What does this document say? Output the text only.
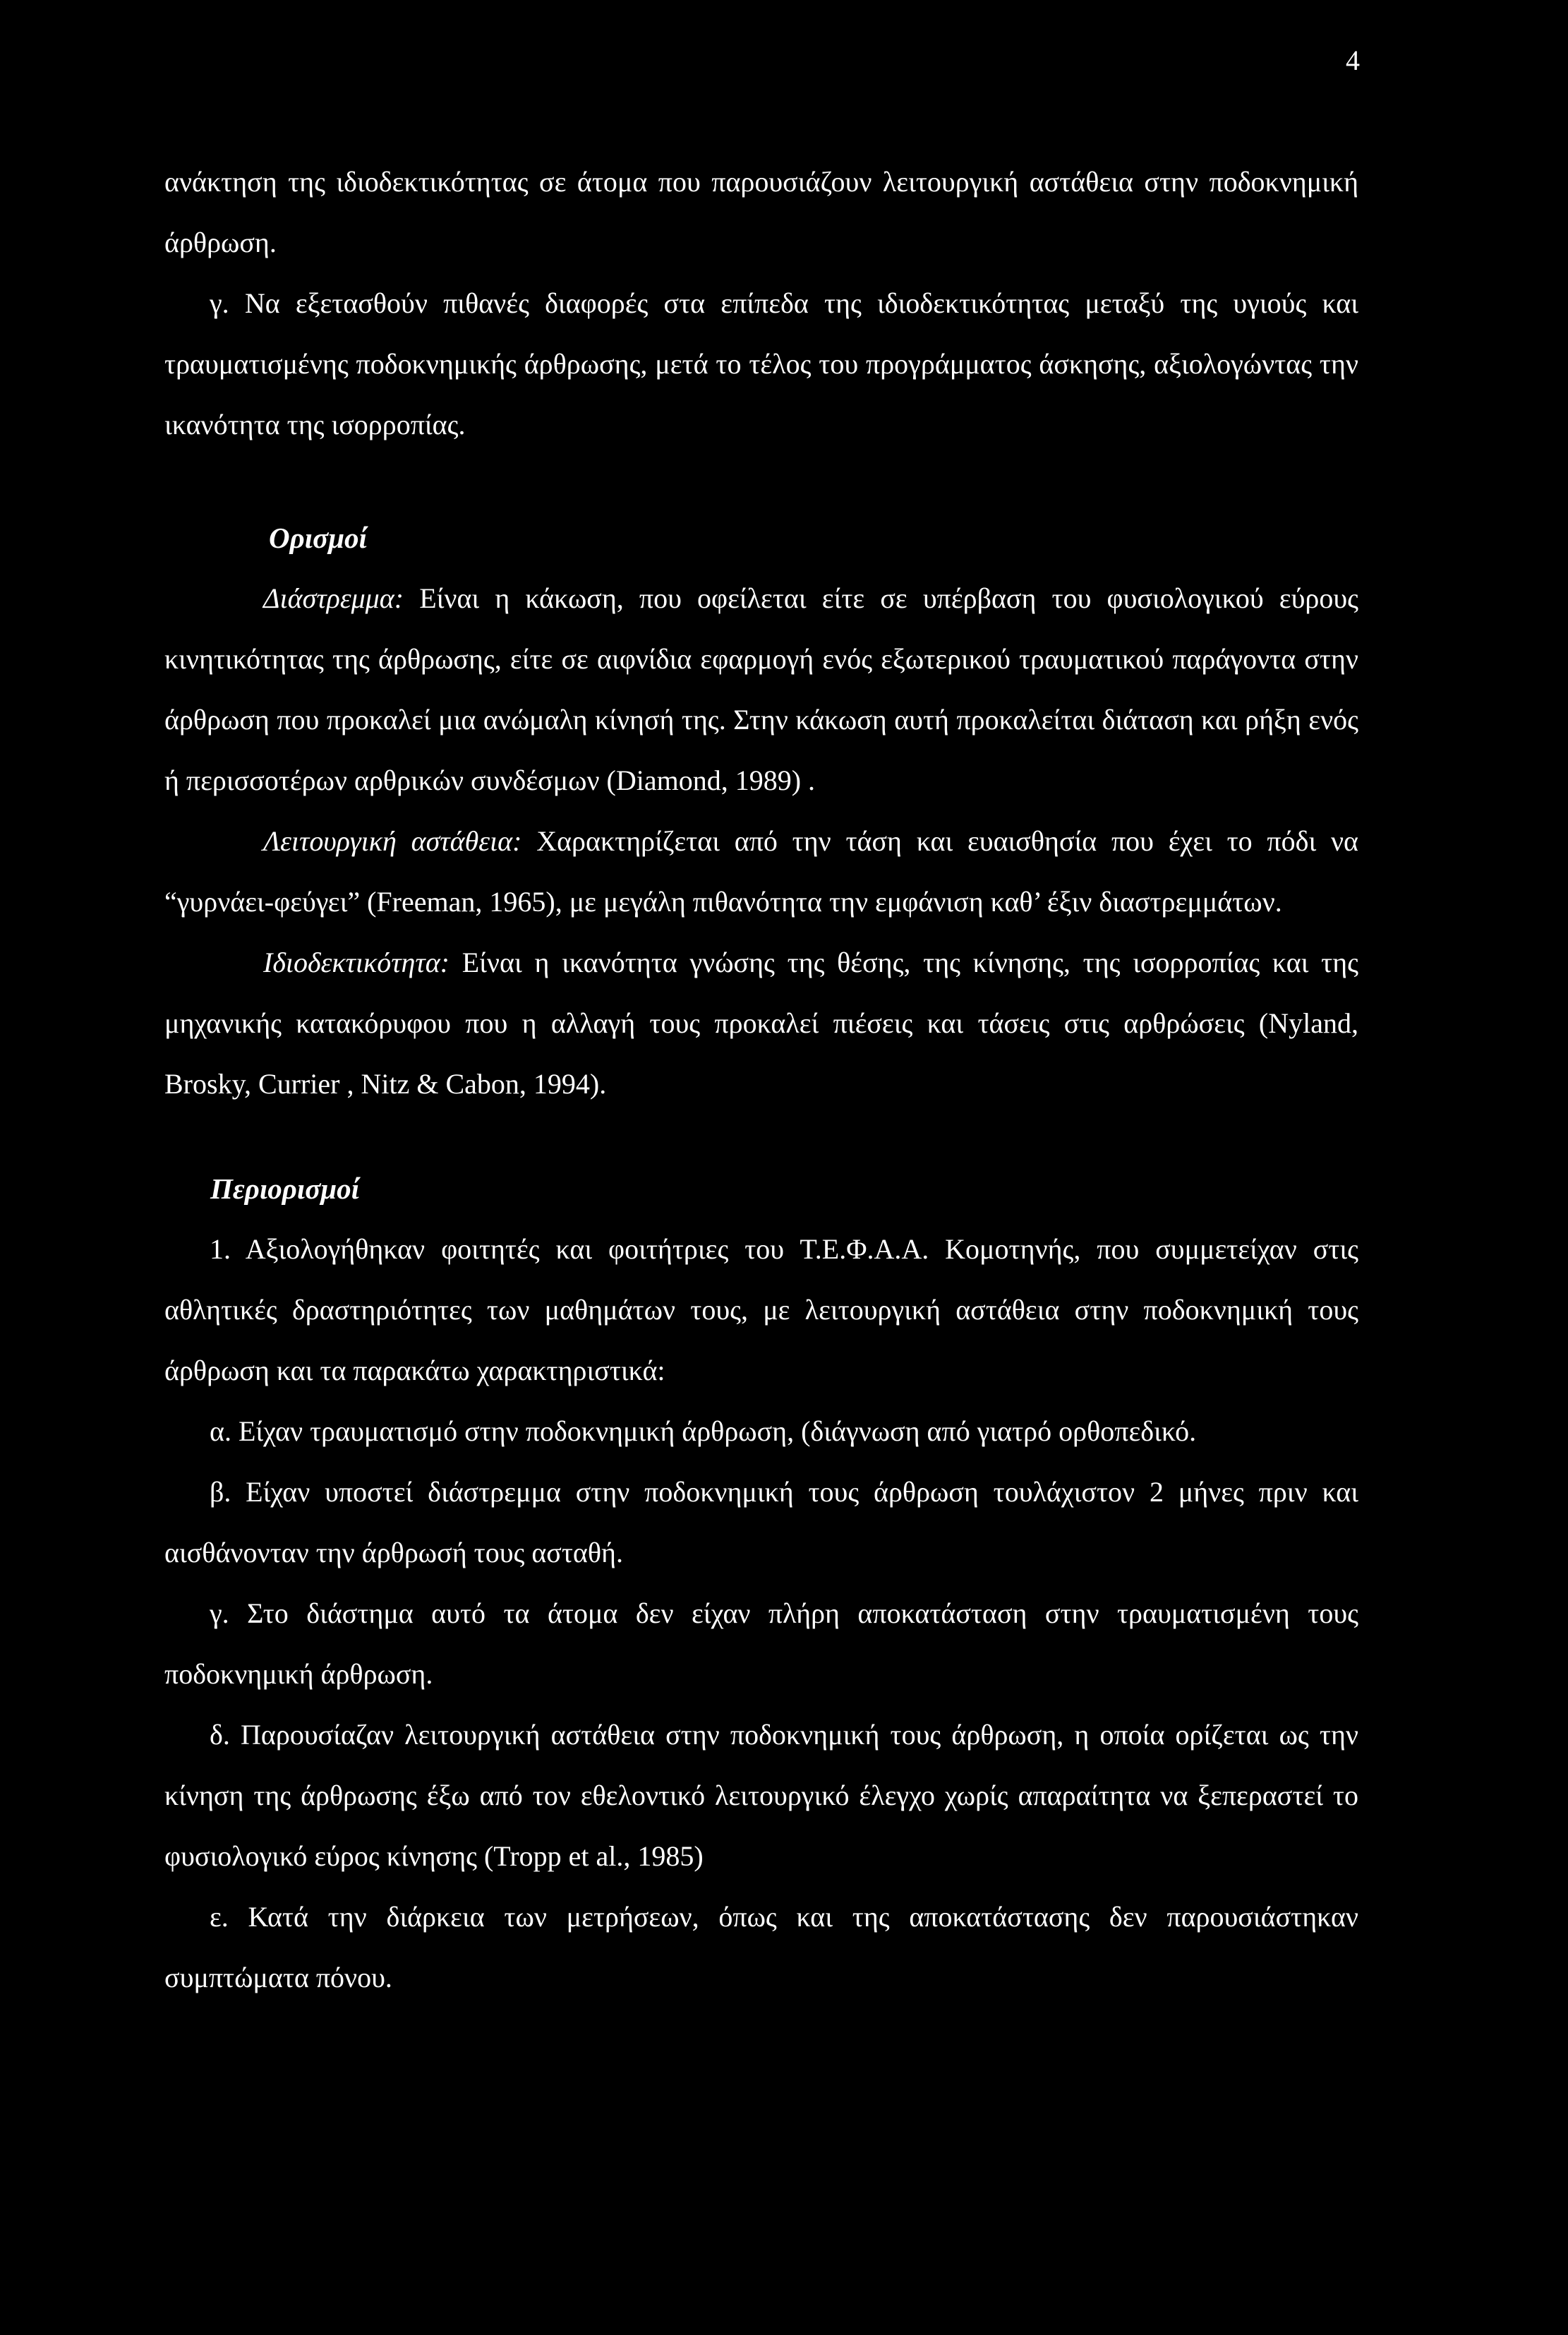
4

ανάκτηση της ιδιοδεκτικότητας σε άτομα που παρουσιάζουν λειτουργική αστάθεια στην ποδοκνημική άρθρωση.

γ. Να εξετασθούν πιθανές διαφορές στα επίπεδα της ιδιοδεκτικότητας μεταξύ της υγιούς και τραυματισμένης ποδοκνημικής άρθρωσης, μετά το τέλος του προγράμματος άσκησης, αξιολογώντας την ικανότητα της ισορροπίας.

Ορισμοί

Διάστρεμμα: Είναι η κάκωση, που οφείλεται είτε σε υπέρβαση του φυσιολογικού εύρους κινητικότητας της άρθρωσης, είτε σε αιφνίδια εφαρμογή ενός εξωτερικού τραυματικού παράγοντα στην άρθρωση που προκαλεί μια ανώμαλη κίνησή της. Στην κάκωση αυτή προκαλείται διάταση και ρήξη ενός ή περισσοτέρων αρθρικών συνδέσμων (Diamond, 1989) .

Λειτουργική αστάθεια: Χαρακτηρίζεται από την τάση και ευαισθησία που έχει το πόδι να “γυρνάει-φεύγει” (Freeman, 1965), με μεγάλη πιθανότητα την εμφάνιση καθ’ έξιν διαστρεμμάτων.

Ιδιοδεκτικότητα: Είναι η ικανότητα γνώσης της θέσης, της κίνησης, της ισορροπίας και της μηχανικής κατακόρυφου που η αλλαγή τους προκαλεί πιέσεις και τάσεις στις αρθρώσεις (Nyland, Brosky, Currier , Nitz & Cabon, 1994).

Περιορισμοί

1. Αξιολογήθηκαν φοιτητές και φοιτήτριες του Τ.Ε.Φ.Α.Α. Κομοτηνής, που συμμετείχαν στις αθλητικές δραστηριότητες των μαθημάτων τους, με λειτουργική αστάθεια στην ποδοκνημική τους άρθρωση και τα παρακάτω χαρακτηριστικά:

α. Είχαν τραυματισμό στην ποδοκνημική άρθρωση, (διάγνωση από γιατρό ορθοπεδικό.

β. Είχαν υποστεί διάστρεμμα στην ποδοκνημική τους άρθρωση τουλάχιστον 2 μήνες πριν και αισθάνονταν την άρθρωσή τους ασταθή.

γ. Στο διάστημα αυτό τα άτομα δεν είχαν πλήρη αποκατάσταση στην τραυματισμένη τους ποδοκνημική άρθρωση.

δ. Παρουσίαζαν λειτουργική αστάθεια στην ποδοκνημική τους άρθρωση, η οποία ορίζεται ως την κίνηση της άρθρωσης έξω από τον εθελοντικό λειτουργικό έλεγχο χωρίς απαραίτητα να ξεπεραστεί το φυσιολογικό εύρος κίνησης (Tropp et al., 1985)

ε. Κατά την διάρκεια των μετρήσεων, όπως και της αποκατάστασης δεν παρουσιάστηκαν συμπτώματα πόνου.
